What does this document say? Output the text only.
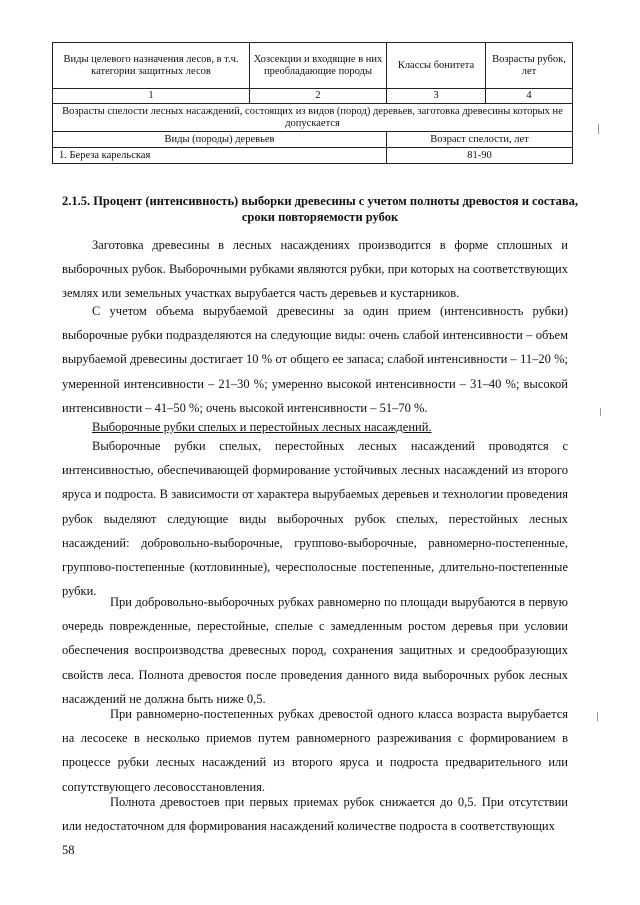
Виды целевого назначения лесов, в т.ч. категории защитных лесов	Хозсекции и входящие в них преобладающие породы	Классы бонитета	Возрасты рубок, лет
1	2	3	4
Возрасты спелости лесных насаждений, состоящих из видов (пород) деревьев, заготовка древесины которых не допускается			
Виды (породы) деревьев		Возраст спелости, лет	
1. Береза карельская		81-90	
2.1.5. Процент (интенсивность) выборки древесины с учетом полноты древостоя и состава, сроки повторяемости рубок

Заготовка древесины в лесных насаждениях производится в форме сплошных и выборочных рубок. Выборочными рубками являются рубки, при которых на соответствующих землях или земельных участках вырубается часть деревьев и кустарников.

С учетом объема вырубаемой древесины за один прием (интенсивность рубки) выборочные рубки подразделяются на следующие виды: очень слабой интенсивности – объем вырубаемой древесины достигает 10 % от общего ее запаса; слабой интенсивности – 11–20 %; умеренной интенсивности – 21–30 %; умеренно высокой интенсивности – 31–40 %; высокой интенсивности – 41–50 %; очень высокой интенсивности – 51–70 %.

Выборочные рубки спелых и перестойных лесных насаждений.

Выборочные рубки спелых, перестойных лесных насаждений проводятся с интенсивностью, обеспечивающей формирование устойчивых лесных насаждений из второго яруса и подроста. В зависимости от характера вырубаемых деревьев и технологии проведения рубок выделяют следующие виды выборочных рубок спелых, перестойных лесных насаждений: добровольно-выборочные, группово-выборочные, равномерно-постепенные, группово-постепенные (котловинные), чересполосные постепенные, длительно-постепенные рубки.

При добровольно-выборочных рубках равномерно по площади вырубаются в первую очередь поврежденные, перестойные, спелые с замедленным ростом деревья при условии обеспечения воспроизводства древесных пород, сохранения защитных и средообразующих свойств леса. Полнота древостоя после проведения данного вида выборочных рубок лесных насаждений не должна быть ниже 0,5.

При равномерно-постепенных рубках древостой одного класса возраста вырубается на лесосеке в несколько приемов путем равномерного разреживания с формированием в процессе рубки лесных насаждений из второго яруса и подроста предварительного или сопутствующего лесовосстановления.

Полнота древостоев при первых приемах рубок снижается до 0,5. При отсутствии или недостаточном для формирования насаждений количестве подроста в соответствующих

58
